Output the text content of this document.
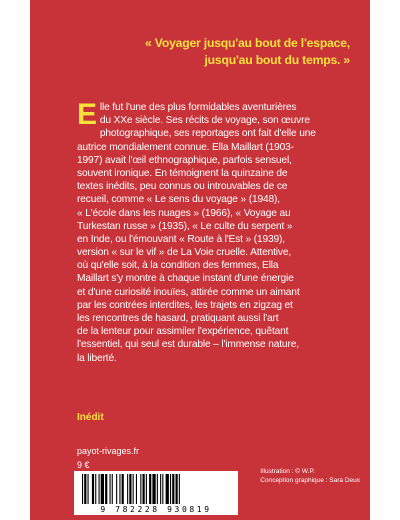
« Voyager jusqu'au bout de l'espace,
jusqu'au bout du temps. »
E lle fut l'une des plus formidables aventurières
du XXe siècle. Ses récits de voyage, son œuvre
photographique, ses reportages ont fait d'elle une
autrice mondialement connue. Ella Maillart (1903-
1997) avait l'œil ethnographique, parfois sensuel,
souvent ironique. En témoignent la quinzaine de
textes inédits, peu connus ou introuvables de ce
recueil, comme « Le sens du voyage » (1948),
« L'école dans les nuages » (1966), « Voyage au
Turkestan russe » (1935), « Le culte du serpent »
en Inde, ou l'émouvant « Route à l'Est » (1939),
version « sur le vif » de La Voie cruelle. Attentive,
où qu'elle soit, à la condition des femmes, Ella
Maillart s'y montre à chaque instant d'une énergie
et d'une curiosité inouïes, attirée comme un aimant
par les contrées interdites, les trajets en zigzag et
les rencontres de hasard, pratiquant aussi l'art
de la lenteur pour assimiler l'expérience, quêtant
l'essentiel, qui seul est durable – l'immense nature,
la liberté.
Inédit
payot-rivages.fr
9 €
9 782228 930819
Illustration : © W.P.
Conception graphique : Sara Deux
